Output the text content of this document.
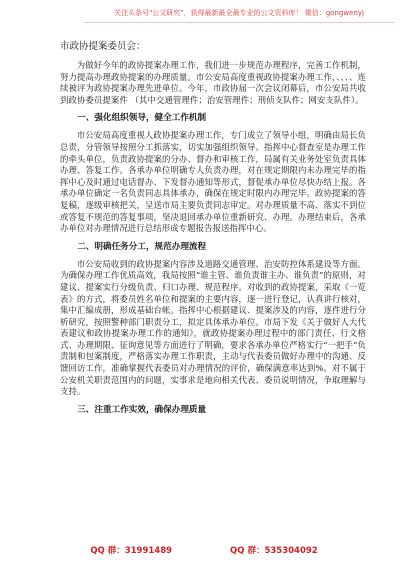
关注头条号"公文研究"，获得最新最全最专业的公文资料库！ 微信：gongwenyj

市政协提案委员会：

为做好今年的政协提案办理工作，我们进一步规范办理程序，完善工作机制，努力提高办理政协提案的办理质量。市公安局高度重视政协提案办理工作，、、、、连续被评为政协提案办理先进单位。今年，市政协届一次会议闭幕后，市公安局共收到政协委员提案件 （其中交通管理件；治安管理件；刑侦支队件；网安支队件）。

一、强化组织领导，健全工作机制

市公安局高度重视人政协提案办理工作，专门成立了领导小组，明确由局长负总责，分管领导按照分工抓落实，切实加强组织领导。指挥中心督查室是办理工作的牵头单位，负责政协提案的分办、督办和审核工作，局属有关业务处室负责具体办理、答复工作。各承办单位明确专人负责办理，对在规定期限内未办理完毕的指挥中心及时通过电话督办、下发督办通知等形式，督促承办单位尽快办结上报。各承办单位确定一名负责同志具体承办，确保在规定时限内办理完毕。政协提案的答复稿，逐级审核把关，呈送市局主要负责同志审定。对办理质量不高、落实不到位或答复不规范的答复事项，坚决退回承办单位重新研究、办理。办理结束后，各承办单位对办理情况进行总结形成专题报告报送指挥中心。

二、明确任务分工，规范办理流程

市公安局收到的政协提案内容涉及道路交通管理、治安防控体系建设等方面。为确保办理工作优质高效，我局按照“谁主管、谁负责谁主办、谁负责”的原则，对建议、提案实行分级负责、归口办理、规范程序。对收到的政协提案，采取《一览表》的方式，将委员姓名单位和提案的主要内容，逐一进行登记，认真讲行核对，集中汇编成册，形成基础台帐。指挥中心根据建议、提案涉及的内容，逐件进行分析研究，按照警种部门职责分工，拟定具体承办单位。市局下发《关于做好人大代表建议和政协提案办理工作的通知》，就政协提案办理过程中的部门责任、行文格式、办理期限、征询意见等方面进行了明确，要求各承办单位严格实行“一把手”负责制和包案制度，严格落实办理工作职责，主动与代表委员做好办理中的沟通、反馈回访工作，准确掌握代表委员对办理情况的评价，确保满意率达到%。对不属于公安机关职责范围内的问题，实事求是地向相关代表、委员说明情况，争取理解与支持。

三、注重工作实效，确保办理质量

QQ 群：31991489	QQ 群：535304092
